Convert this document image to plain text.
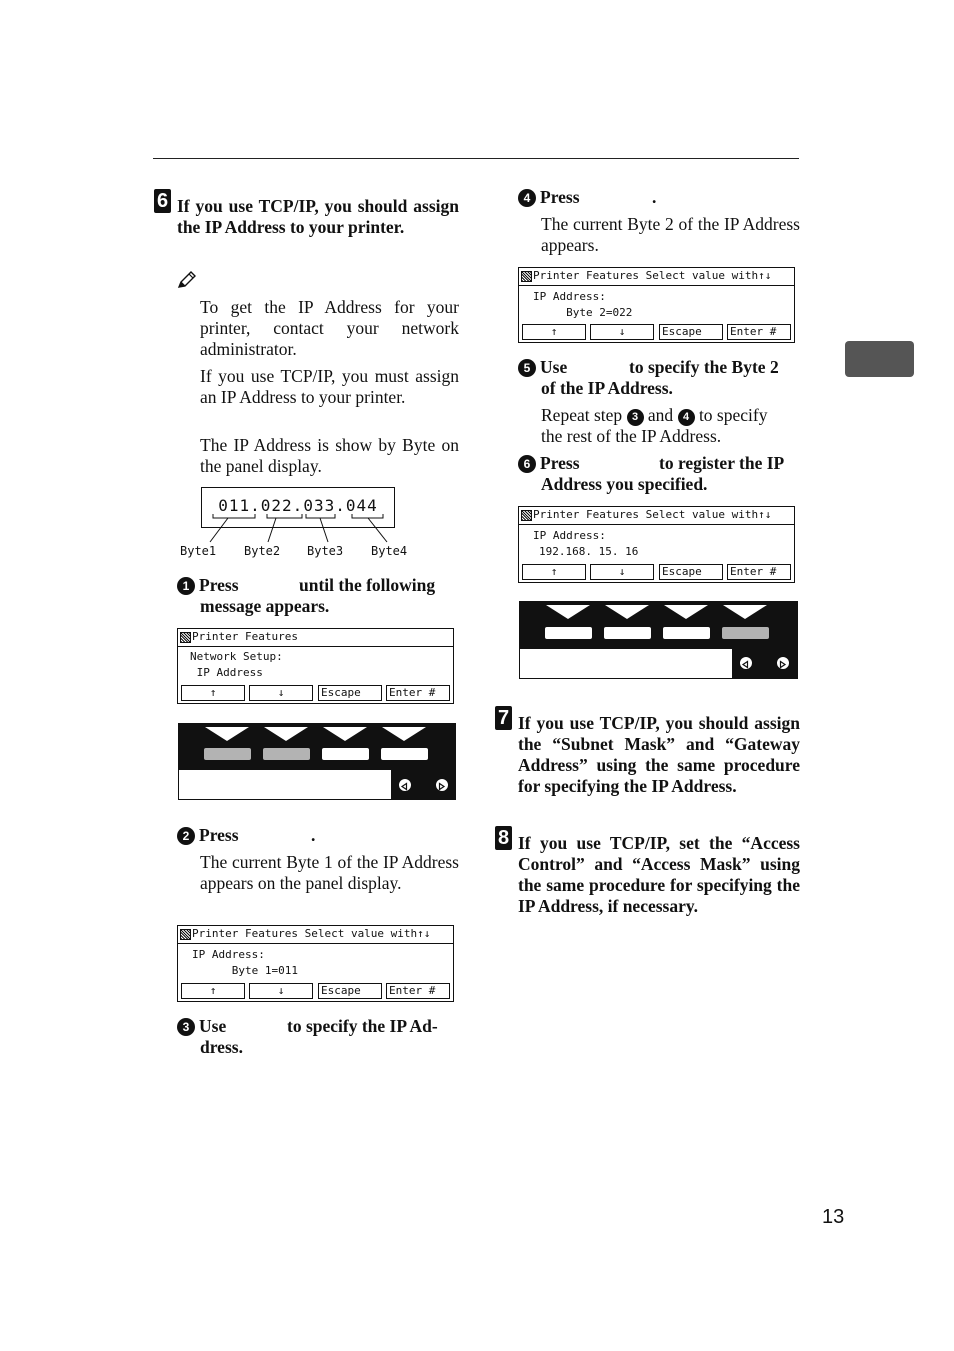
13
6 If you use TCP/IP, you should assign the IP Address to your printer.
To get the IP Address for your printer, contact your network administrator.
If you use TCP/IP, you must assign an IP Address to your printer.
The IP Address is show by Byte on the panel display.
011.022.033.044
Byte1 Byte2 Byte3 Byte4
1 Press	until the following
message appears.
Printer Features
Network Setup:
IP Address
↑	↓	Escape	Enter #
2 Press	.
The current Byte 1 of the IP Address appears on the panel display.
Printer Features Select value with↑↓
IP Address:
Byte 1=011
↑	↓	Escape	Enter #
3 Use	to specify the IP Ad-
dress.
4 Press	.
The current Byte 2 of the IP Address appears.
Printer Features Select value with↑↓
IP Address:
Byte 2=022
↑	↓	Escape	Enter #
5 Use	to specify the Byte 2
of the IP Address.
Repeat step 3 and 4 to specify
the rest of the IP Address.
6 Press	to register the IP
Address you specified.
Printer Features Select value with↑↓
IP Address:
192.168. 15. 16
↑	↓	Escape	Enter #
7 If you use TCP/IP, you should assign the “Subnet Mask” and “Gateway Address” using the same procedure for specifying the IP Address.
8 If you use TCP/IP, set the “Access Control” and “Access Mask” using the same procedure for specifying the IP Address, if necessary.
